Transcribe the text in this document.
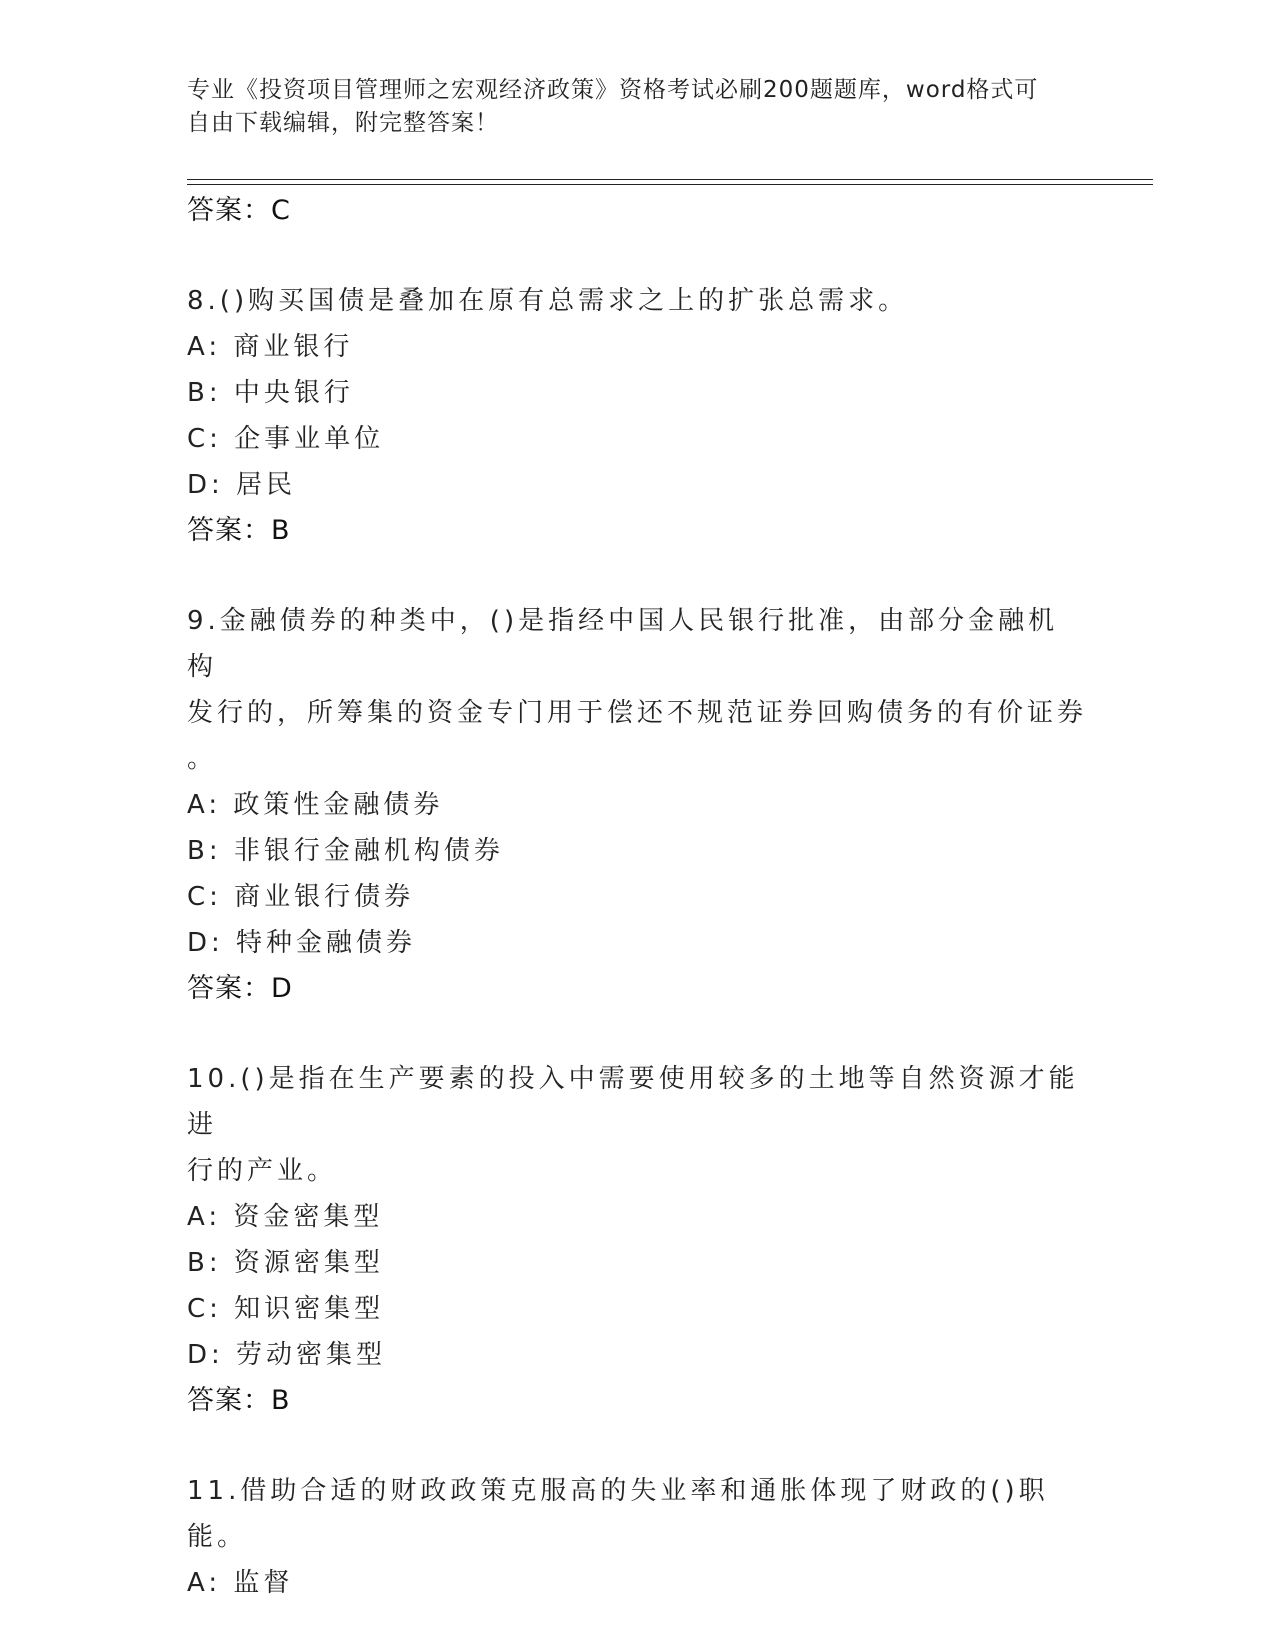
专业《投资项目管理师之宏观经济政策》资格考试必刷200题题库，word格式可
自由下载编辑，附完整答案！
答案：C
8.()购买国债是叠加在原有总需求之上的扩张总需求。
A: 商业银行
B: 中央银行
C: 企事业单位
D: 居民
答案：B
9.金融债券的种类中，()是指经中国人民银行批准，由部分金融机构
发行的，所筹集的资金专门用于偿还不规范证券回购债务的有价证券
。
A: 政策性金融债券
B: 非银行金融机构债券
C: 商业银行债券
D: 特种金融债券
答案：D
10.()是指在生产要素的投入中需要使用较多的土地等自然资源才能进
行的产业。
A: 资金密集型
B: 资源密集型
C: 知识密集型
D: 劳动密集型
答案：B
11.借助合适的财政政策克服高的失业率和通胀体现了财政的()职能。
A: 监督
